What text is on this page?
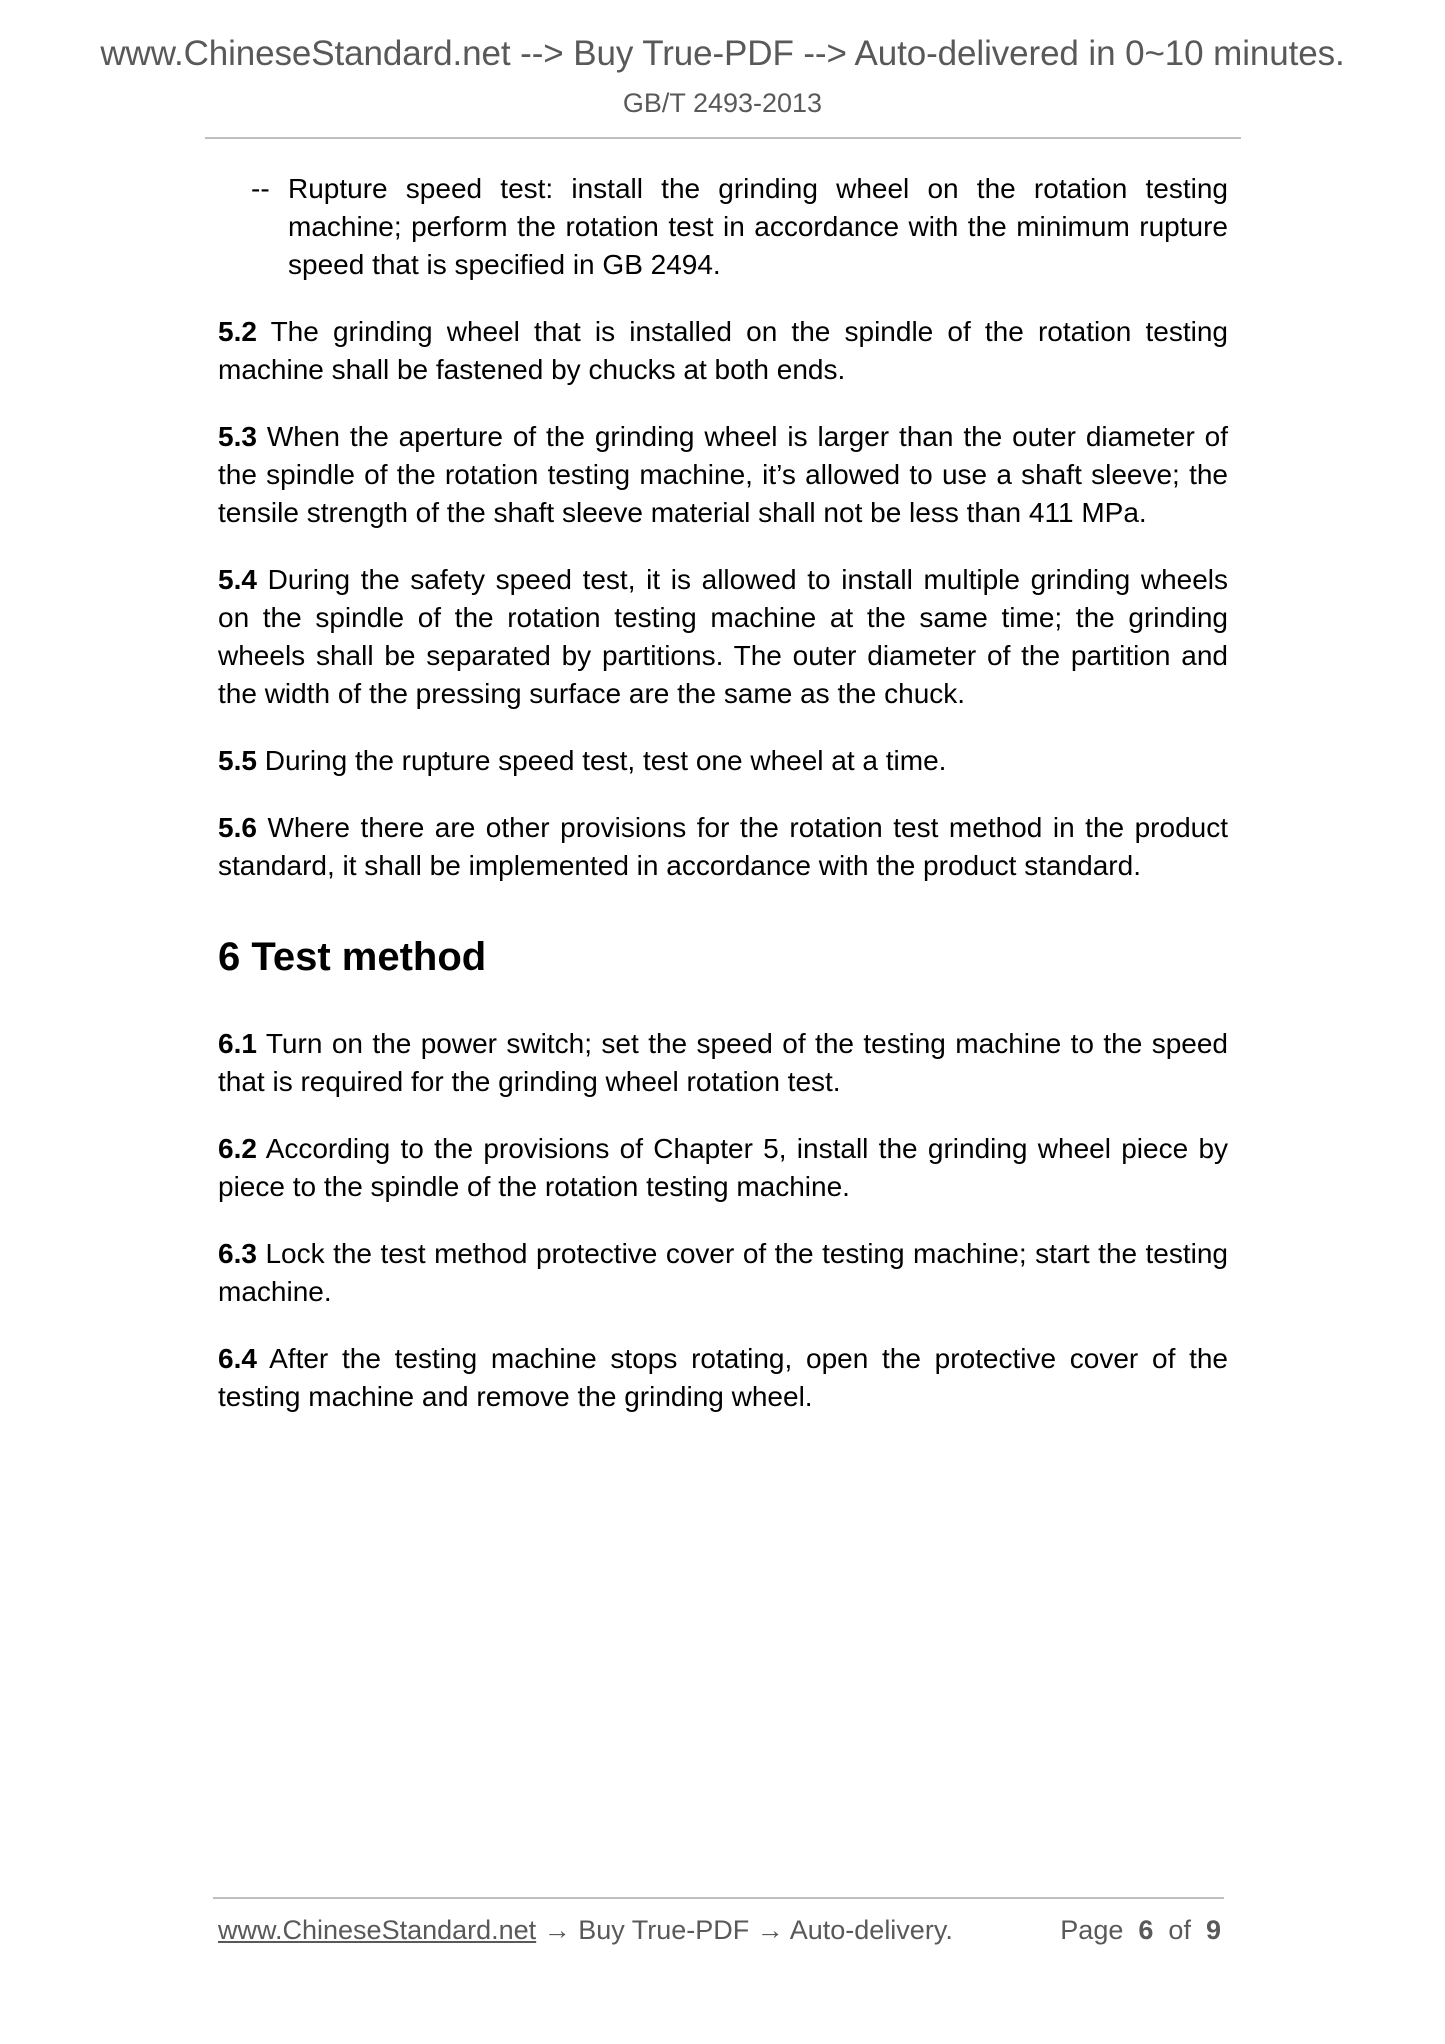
www.ChineseStandard.net --> Buy True-PDF --> Auto-delivered in 0~10 minutes.
GB/T 2493-2013
-- Rupture speed test: install the grinding wheel on the rotation testing machine; perform the rotation test in accordance with the minimum rupture speed that is specified in GB 2494.

5.2 The grinding wheel that is installed on the spindle of the rotation testing machine shall be fastened by chucks at both ends.

5.3 When the aperture of the grinding wheel is larger than the outer diameter of the spindle of the rotation testing machine, it’s allowed to use a shaft sleeve; the tensile strength of the shaft sleeve material shall not be less than 411 MPa.

5.4 During the safety speed test, it is allowed to install multiple grinding wheels on the spindle of the rotation testing machine at the same time; the grinding wheels shall be separated by partitions. The outer diameter of the partition and the width of the pressing surface are the same as the chuck.

5.5 During the rupture speed test, test one wheel at a time.

5.6 Where there are other provisions for the rotation test method in the product standard, it shall be implemented in accordance with the product standard.

6 Test method

6.1 Turn on the power switch; set the speed of the testing machine to the speed that is required for the grinding wheel rotation test.

6.2 According to the provisions of Chapter 5, install the grinding wheel piece by piece to the spindle of the rotation testing machine.

6.3 Lock the test method protective cover of the testing machine; start the testing machine.

6.4 After the testing machine stops rotating, open the protective cover of the testing machine and remove the grinding wheel.

www.ChineseStandard.net → Buy True-PDF → Auto-delivery.	Page 6 of 9
